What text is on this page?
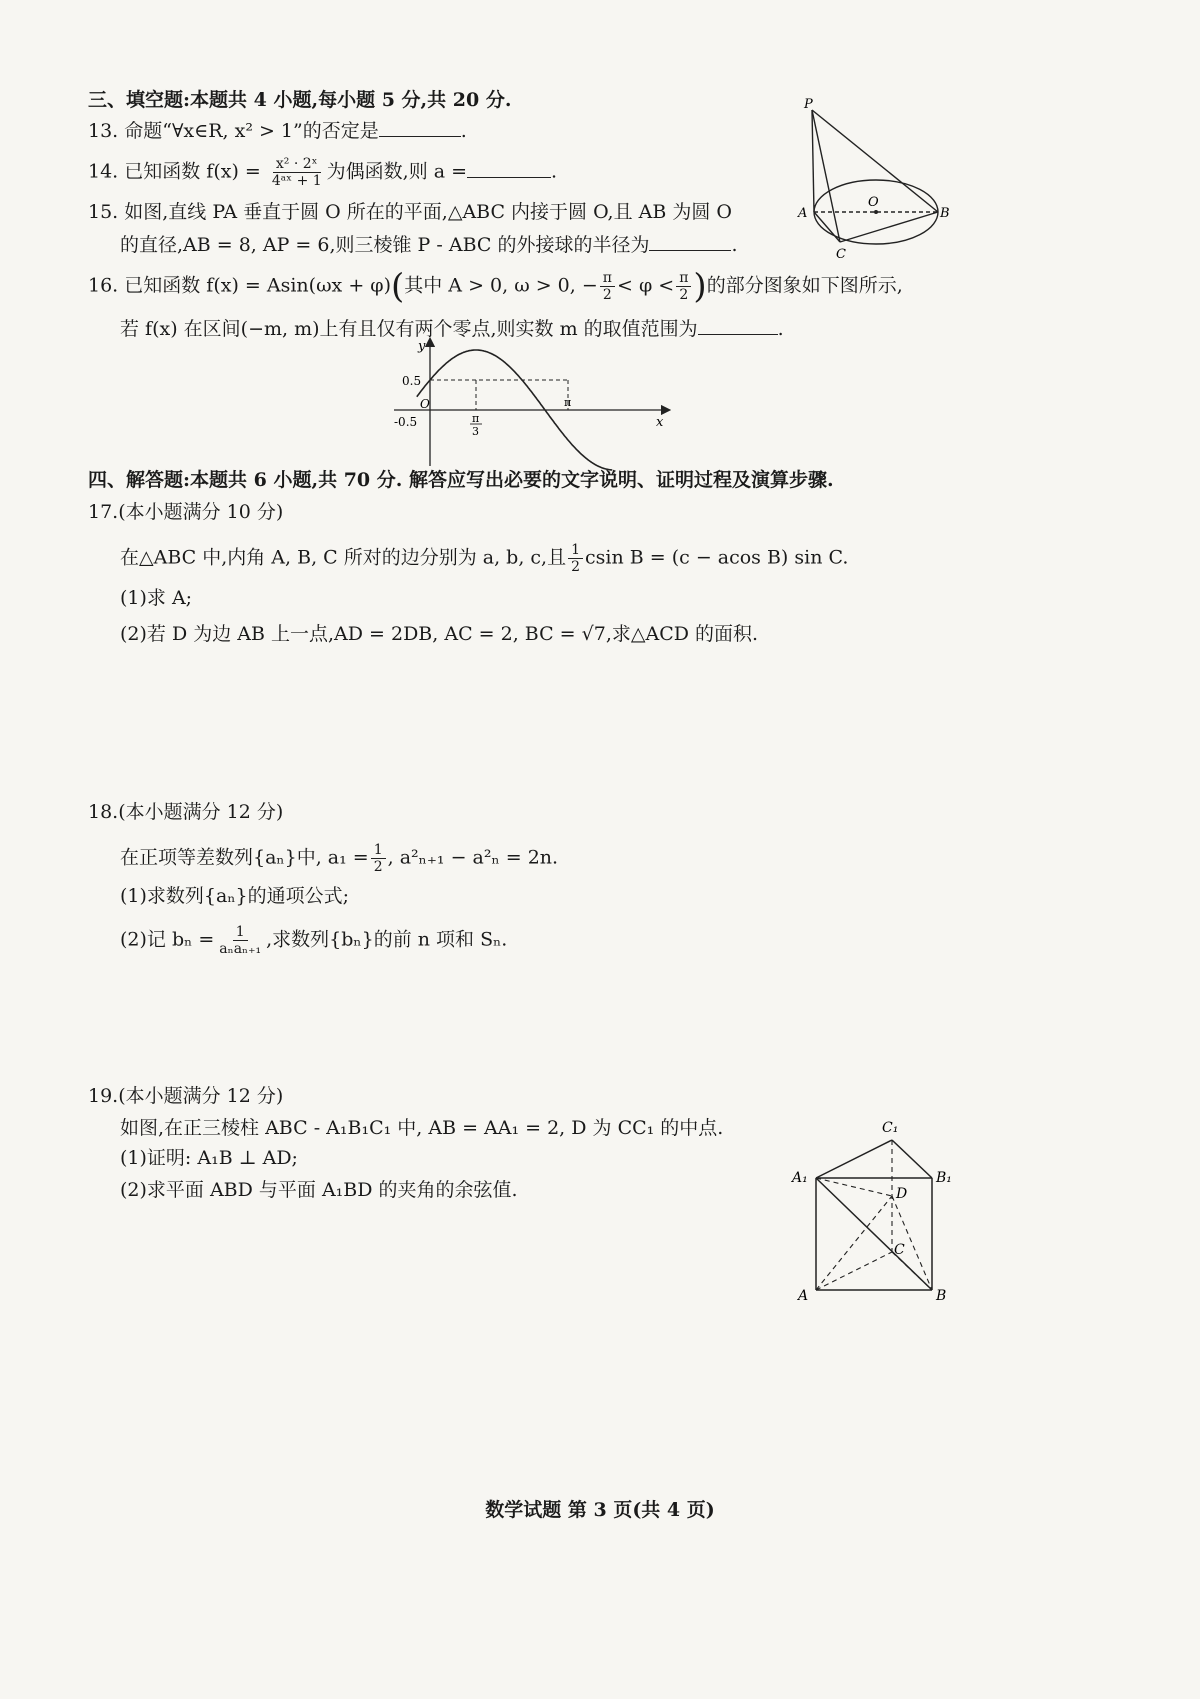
三、填空题:本题共 4 小题,每小题 5 分,共 20 分.
13. 命题“∀x∈R, x² > 1”的否定是	.
14. 已知函数 $f(x) = \frac{\text{x² · 2ˣ}}{\text{4ᵃˣ + 1}}$ 为偶函数,则 a =	.
15. 如图,直线 PA 垂直于圆 O 所在的平面,△ABC 内接于圆 O,且 AB 为圆 O
的直径,AB = 8, AP = 6,则三棱锥 P - ABC 的外接球的半径为	.
P
A
O
B
C
16. 已知函数 f(x) = Asin(ωx + φ)(其中 A > 0, ω > 0, − $\frac{\pi}{2} < \varphi < \frac{\pi}{2}$ )的部分图象如下图所示,
若 f(x) 在区间(−m, m)上有且仅有两个零点,则实数 m 的取值范围为	.
y
x
O
0.5
-0.5	π
3
π
四、解答题:本题共 6 小题,共 70 分. 解答应写出必要的文字说明、证明过程及演算步骤.
17.(本小题满分 10 分)
在△ABC 中,内角 A, B, C 所对的边分别为 a, b, c,且 $\frac{1}{2}$ csin B = (c − acos B) sin C.
(1)求 A;
(2)若 D 为边 AB 上一点,AD = 2DB, AC = 2, BC = √7,求△ACD 的面积.
18.(本小题满分 12 分)
在正项等差数列{aₙ}中, $a_1 = \frac{1}{2}$ , a²ₙ₊₁ − a²ₙ = 2n.
(1)求数列{aₙ}的通项公式;
(2)记 $b_n = \frac{1}{\text{aₙaₙ₊₁}}$ ,求数列{bₙ}的前 n 项和 Sₙ.
19.(本小题满分 12 分)
如图,在正三棱柱 ABC - A₁B₁C₁ 中, AB = AA₁ = 2, D 为 CC₁ 的中点.
(1)证明: A₁B ⊥ AD;
(2)求平面 ABD 与平面 A₁BD 的夹角的余弦值.
C₁
A₁	B₁
D
C
A	B
数学试题 第 3 页(共 4 页)
